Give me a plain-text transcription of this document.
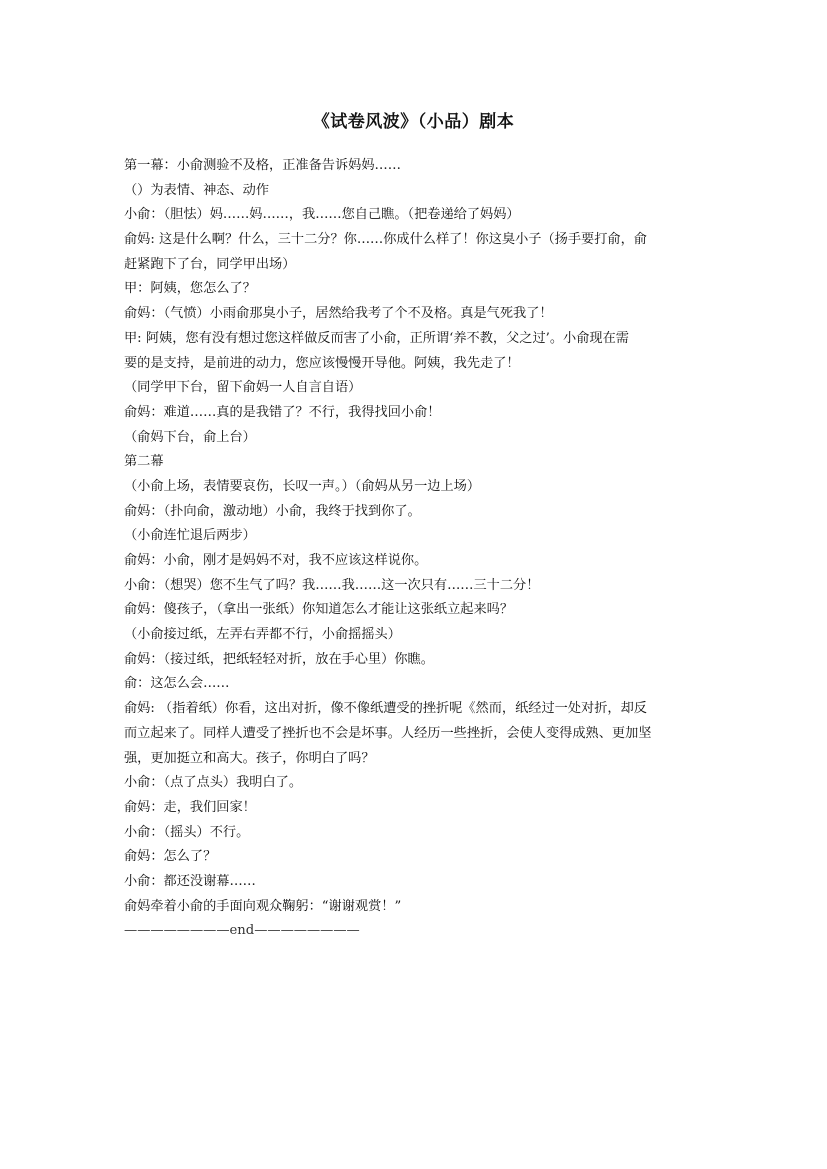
《试卷风波》（小品）剧本
第一幕：小俞测验不及格，正准备告诉妈妈……
（）为表情、神态、动作
小俞：（胆怯）妈……妈……，我……您自己瞧。（把卷递给了妈妈）
俞妈: 这是什么啊？什么，三十二分？你……你成什么样了！你这臭小子（扬手要打俞，俞
赶紧跑下了台，同学甲出场）
甲：阿姨，您怎么了？
俞妈：（气愤）小雨俞那臭小子，居然给我考了个不及格。真是气死我了！
甲: 阿姨，您有没有想过您这样做反而害了小俞，正所谓‘养不教，父之过’。小俞现在需
要的是支持，是前进的动力，您应该慢慢开导他。阿姨，我先走了！
（同学甲下台，留下俞妈一人自言自语）
俞妈：难道……真的是我错了？不行，我得找回小俞！
（俞妈下台，俞上台）
第二幕
（小俞上场，表情要哀伤，长叹一声。）（俞妈从另一边上场）
俞妈：（扑向俞，激动地）小俞，我终于找到你了。
（小俞连忙退后两步）
俞妈：小俞，刚才是妈妈不对，我不应该这样说你。
小俞：（想哭）您不生气了吗？我……我……这一次只有……三十二分！
俞妈：傻孩子，（拿出一张纸）你知道怎么才能让这张纸立起来吗？
（小俞接过纸，左弄右弄都不行，小俞摇摇头）
俞妈：（接过纸，把纸轻轻对折，放在手心里）你瞧。
俞：这怎么会……
俞妈: （指着纸）你看，这出对折，像不像纸遭受的挫折呢《然而，纸经过一处对折，却反
而立起来了。同样人遭受了挫折也不会是坏事。人经历一些挫折，会使人变得成熟、更加坚
强，更加挺立和高大。孩子，你明白了吗？
小俞：（点了点头）我明白了。
俞妈：走，我们回家！
小俞：（摇头）不行。
俞妈：怎么了？
小俞：都还没谢幕……
俞妈牵着小俞的手面向观众鞠躬：“谢谢观赏！”
————————end————————
